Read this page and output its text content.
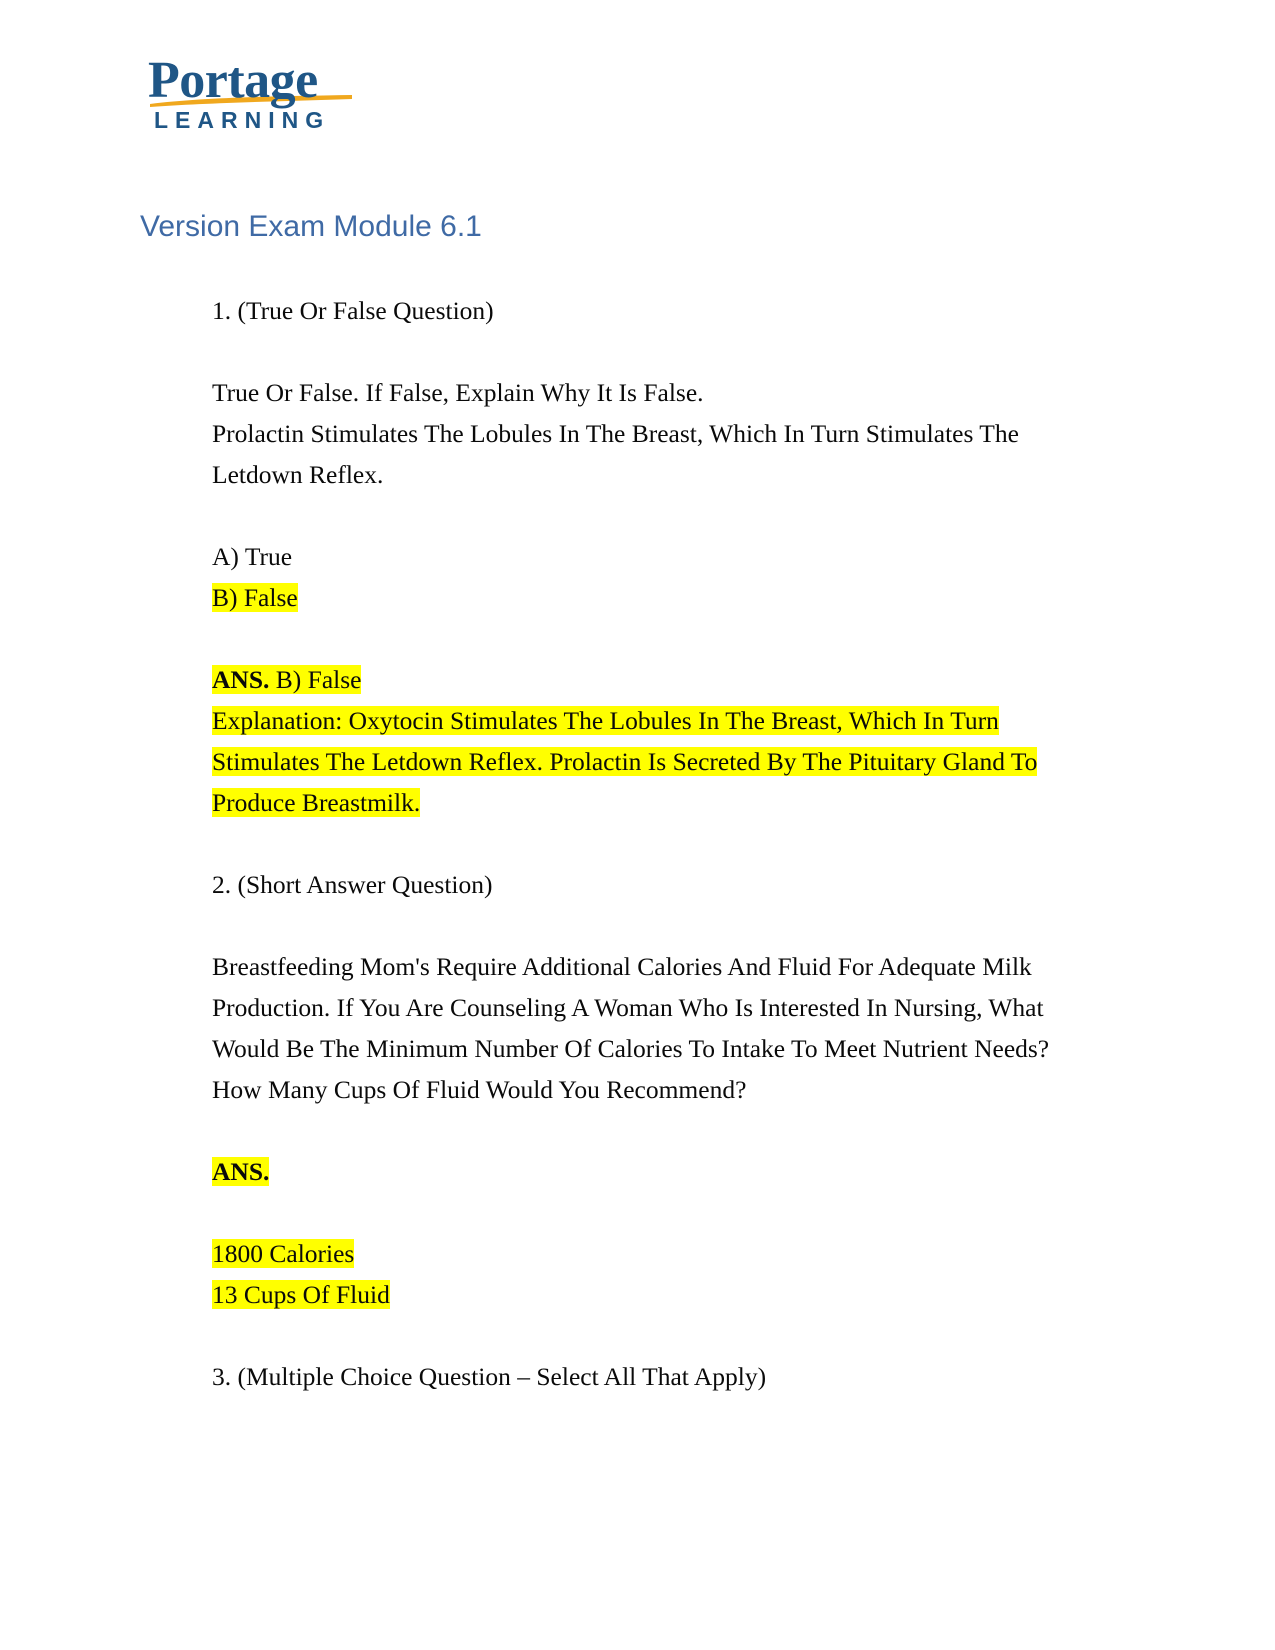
Portage
LEARNING
Version Exam Module 6.1

1. (True Or False Question)

True Or False. If False, Explain Why It Is False.

Prolactin Stimulates The Lobules In The Breast, Which In Turn Stimulates The Letdown Reflex.

A) True

B) False

ANS. B) False

Explanation: Oxytocin Stimulates The Lobules In The Breast, Which In Turn Stimulates The Letdown Reflex. Prolactin Is Secreted By The Pituitary Gland To Produce Breastmilk.

2. (Short Answer Question)

Breastfeeding Mom's Require Additional Calories And Fluid For Adequate Milk Production. If You Are Counseling A Woman Who Is Interested In Nursing, What Would Be The Minimum Number Of Calories To Intake To Meet Nutrient Needs? How Many Cups Of Fluid Would You Recommend?

ANS.

1800 Calories

13 Cups Of Fluid

3. (Multiple Choice Question – Select All That Apply)
